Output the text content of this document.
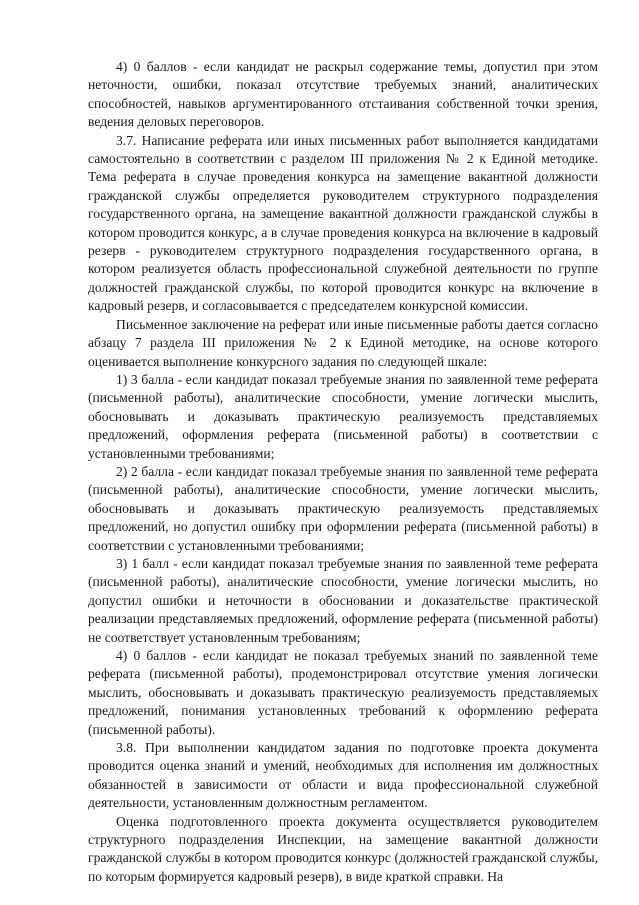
4) 0 баллов - если кандидат не раскрыл содержание темы, допустил при этом неточности, ошибки, показал отсутствие требуемых знаний, аналитических способностей, навыков аргументированного отстаивания собственной точки зрения, ведения деловых переговоров.

3.7. Написание реферата или иных письменных работ выполняется кандидатами самостоятельно в соответствии с разделом III приложения № 2 к Единой методике. Тема реферата в случае проведения конкурса на замещение вакантной должности гражданской службы определяется руководителем структурного подразделения государственного органа, на замещение вакантной должности гражданской службы в котором проводится конкурс, а в случае проведения конкурса на включение в кадровый резерв - руководителем структурного подразделения государственного органа, в котором реализуется область профессиональной служебной деятельности по группе должностей гражданской службы, по которой проводится конкурс на включение в кадровый резерв, и согласовывается с председателем конкурсной комиссии.

Письменное заключение на реферат или иные письменные работы дается согласно абзацу 7 раздела III приложения № 2 к Единой методике, на основе которого оценивается выполнение конкурсного задания по следующей шкале:

1) 3 балла - если кандидат показал требуемые знания по заявленной теме реферата (письменной работы), аналитические способности, умение логически мыслить, обосновывать и доказывать практическую реализуемость представляемых предложений, оформления реферата (письменной работы) в соответствии с установленными требованиями;

2) 2 балла - если кандидат показал требуемые знания по заявленной теме реферата (письменной работы), аналитические способности, умение логически мыслить, обосновывать и доказывать практическую реализуемость представляемых предложений, но допустил ошибку при оформлении реферата (письменной работы) в соответствии с установленными требованиями;

3) 1 балл - если кандидат показал требуемые знания по заявленной теме реферата (письменной работы), аналитические способности, умение логически мыслить, но допустил ошибки и неточности в обосновании и доказательстве практической реализации представляемых предложений, оформление реферата (письменной работы) не соответствует установленным требованиям;

4) 0 баллов - если кандидат не показал требуемых знаний по заявленной теме реферата (письменной работы), продемонстрировал отсутствие умения логически мыслить, обосновывать и доказывать практическую реализуемость представляемых предложений, понимания установленных требований к оформлению реферата (письменной работы).

3.8. При выполнении кандидатом задания по подготовке проекта документа проводится оценка знаний и умений, необходимых для исполнения им должностных обязанностей в зависимости от области и вида профессиональной служебной деятельности, установленным должностным регламентом.

Оценка подготовленного проекта документа осуществляется руководителем структурного подразделения Инспекции, на замещение вакантной должности гражданской службы в котором проводится конкурс (должностей гражданской службы, по которым формируется кадровый резерв), в виде краткой справки. На
